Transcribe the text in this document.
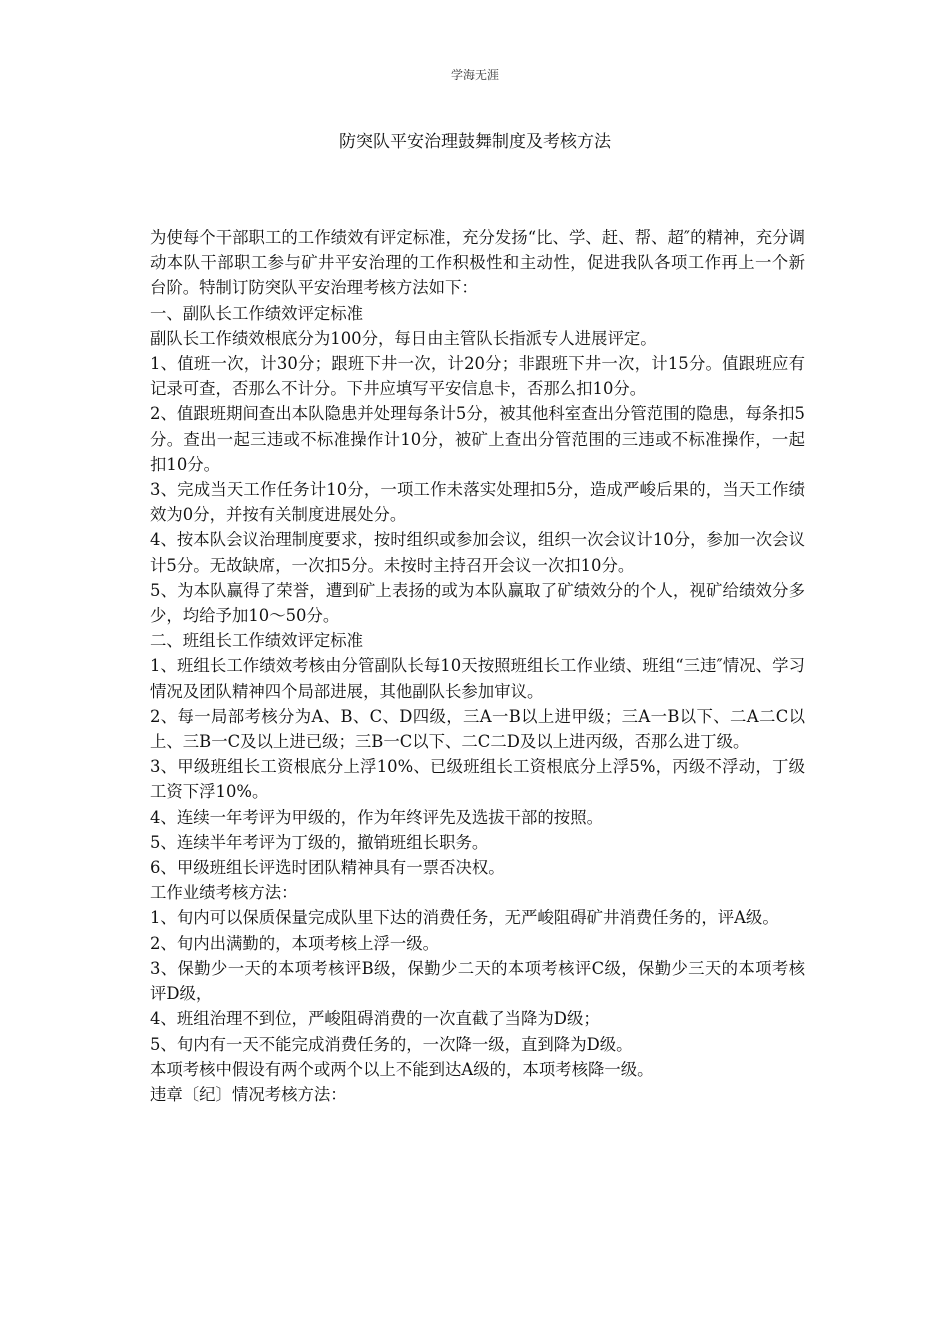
学海无涯
防突队平安治理鼓舞制度及考核方法

为使每个干部职工的工作绩效有评定标准，充分发扬“比、学、赶、帮、超″的精神，充分调动本队干部职工参与矿井平安治理的工作积极性和主动性，促进我队各项工作再上一个新台阶。特制订防突队平安治理考核方法如下：

一、副队长工作绩效评定标准

副队长工作绩效根底分为100分，每日由主管队长指派专人进展评定。

1、值班一次，计30分；跟班下井一次，计20分；非跟班下井一次，计15分。值跟班应有记录可查，否那么不计分。下井应填写平安信息卡，否那么扣10分。

2、值跟班期间查出本队隐患并处理每条计5分，被其他科室查出分管范围的隐患，每条扣5分。查出一起三违或不标准操作计10分，被矿上查出分管范围的三违或不标准操作，一起扣10分。

3、完成当天工作任务计10分，一项工作未落实处理扣5分，造成严峻后果的，当天工作绩效为0分，并按有关制度进展处分。

4、按本队会议治理制度要求，按时组织或参加会议，组织一次会议计10分，参加一次会议计5分。无故缺席，一次扣5分。未按时主持召开会议一次扣10分。

5、为本队赢得了荣誉，遭到矿上表扬的或为本队赢取了矿绩效分的个人，视矿给绩效分多少，均给予加10～50分。

二、班组长工作绩效评定标准

1、班组长工作绩效考核由分管副队长每10天按照班组长工作业绩、班组“三违″情况、学习情况及团队精神四个局部进展，其他副队长参加审议。

2、每一局部考核分为A、B、C、D四级，三A一B以上进甲级；三A一B以下、二A二C以上、三B一C及以上进已级；三B一C以下、二C二D及以上进丙级，否那么进丁级。

3、甲级班组长工资根底分上浮10%、已级班组长工资根底分上浮5%，丙级不浮动，丁级工资下浮10%。

4、连续一年考评为甲级的，作为年终评先及选拔干部的按照。

5、连续半年考评为丁级的，撤销班组长职务。

6、甲级班组长评选时团队精神具有一票否决权。

工作业绩考核方法：

1、旬内可以保质保量完成队里下达的消费任务，无严峻阻碍矿井消费任务的，评A级。

2、旬内出满勤的，本项考核上浮一级。

3、保勤少一天的本项考核评B级，保勤少二天的本项考核评C级，保勤少三天的本项考核评D级，

4、班组治理不到位，严峻阻碍消费的一次直截了当降为D级；

5、旬内有一天不能完成消费任务的，一次降一级，直到降为D级。

本项考核中假设有两个或两个以上不能到达A级的，本项考核降一级。

违章〔纪〕情况考核方法：
